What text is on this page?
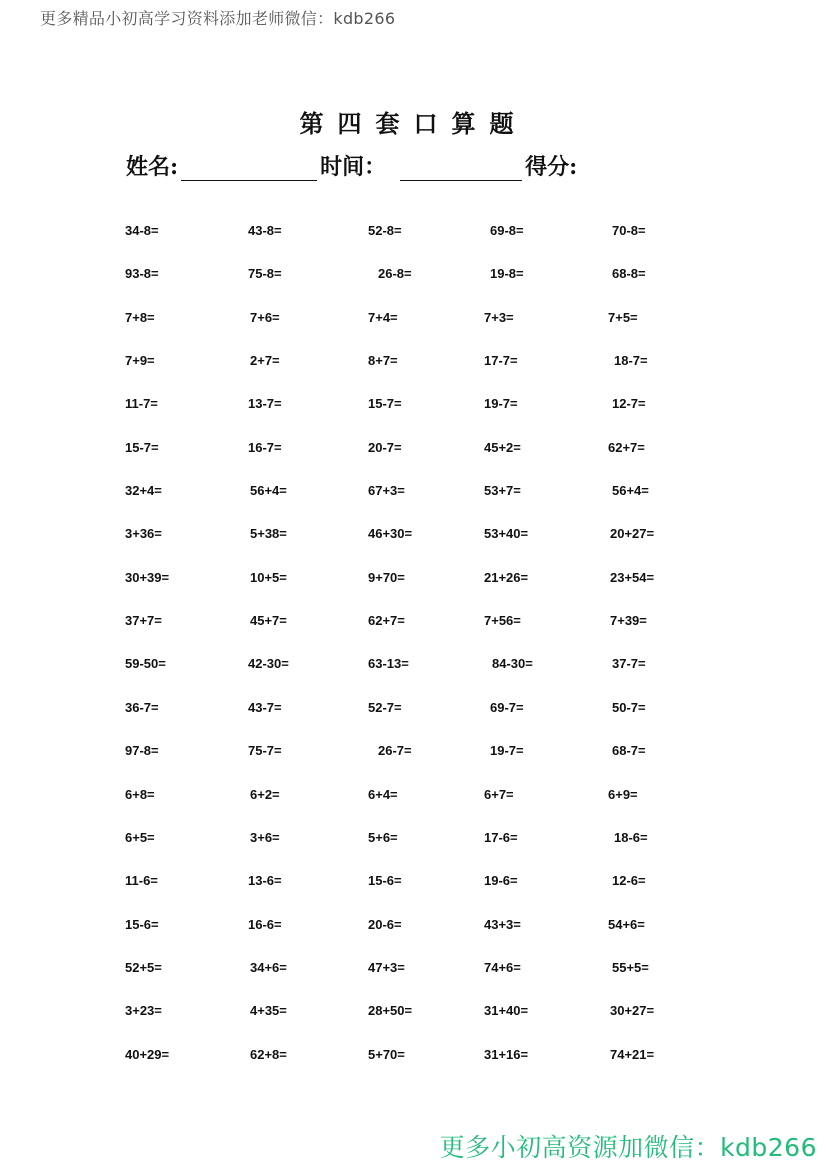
更多精品小初高学习资料添加老师微信：kdb266
第四套口算题
姓名:	时间：	得分:
34-8=	43-8=	52-8=	69-8=	70-8=
93-8=	75-8=	26-8=	19-8=	68-8=
7+8=	7+6=	7+4=	7+3=	7+5=
7+9=	2+7=	8+7=	17-7=	18-7=
11-7=	13-7=	15-7=	19-7=	12-7=
15-7=	16-7=	20-7=	45+2=	62+7=
32+4=	56+4=	67+3=	53+7=	56+4=
3+36=	5+38=	46+30=	53+40=	20+27=
30+39=	10+5=	9+70=	21+26=	23+54=
37+7=	45+7=	62+7=	7+56=	7+39=
59-50=	42-30=	63-13=	84-30=	37-7=
36-7=	43-7=	52-7=	69-7=	50-7=
97-8=	75-7=	26-7=	19-7=	68-7=
6+8=	6+2=	6+4=	6+7=	6+9=
6+5=	3+6=	5+6=	17-6=	18-6=
11-6=	13-6=	15-6=	19-6=	12-6=
15-6=	16-6=	20-6=	43+3=	54+6=
52+5=	34+6=	47+3=	74+6=	55+5=
3+23=	4+35=	28+50=	31+40=	30+27=
40+29=	62+8=	5+70=	31+16=	74+21=
更多小初高资源加微信：kdb266
